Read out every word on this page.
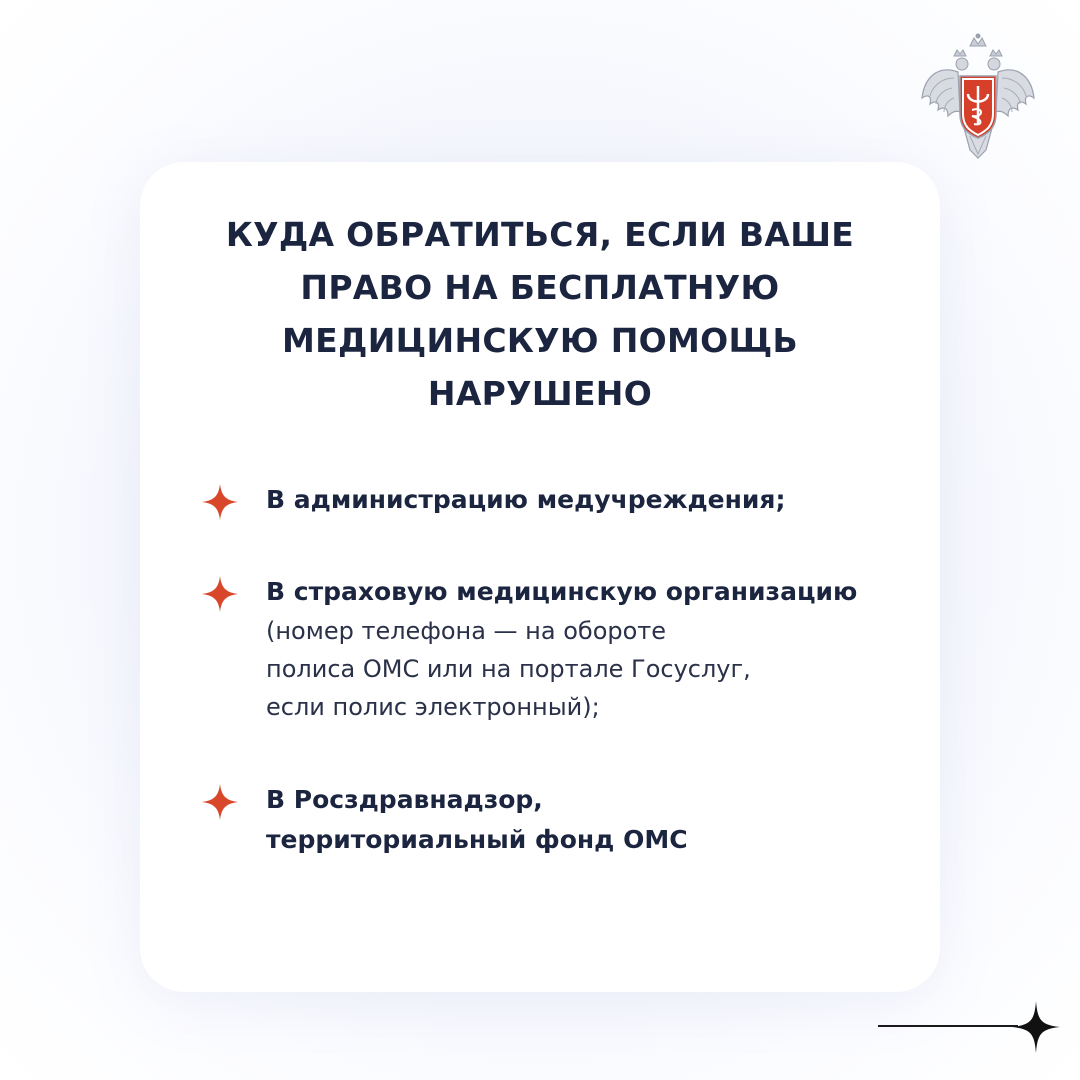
КУДА ОБРАТИТЬСЯ, ЕСЛИ ВАШЕ
ПРАВО НА БЕСПЛАТНУЮ
МЕДИЦИНСКУЮ ПОМОЩЬ
НАРУШЕНО
В администрацию медучреждения;
В страховую медицинскую организацию
(номер телефона — на обороте
полиса ОМС или на портале Госуслуг,
если полис электронный);
В Росздравнадзор,
территориальный фонд ОМС
